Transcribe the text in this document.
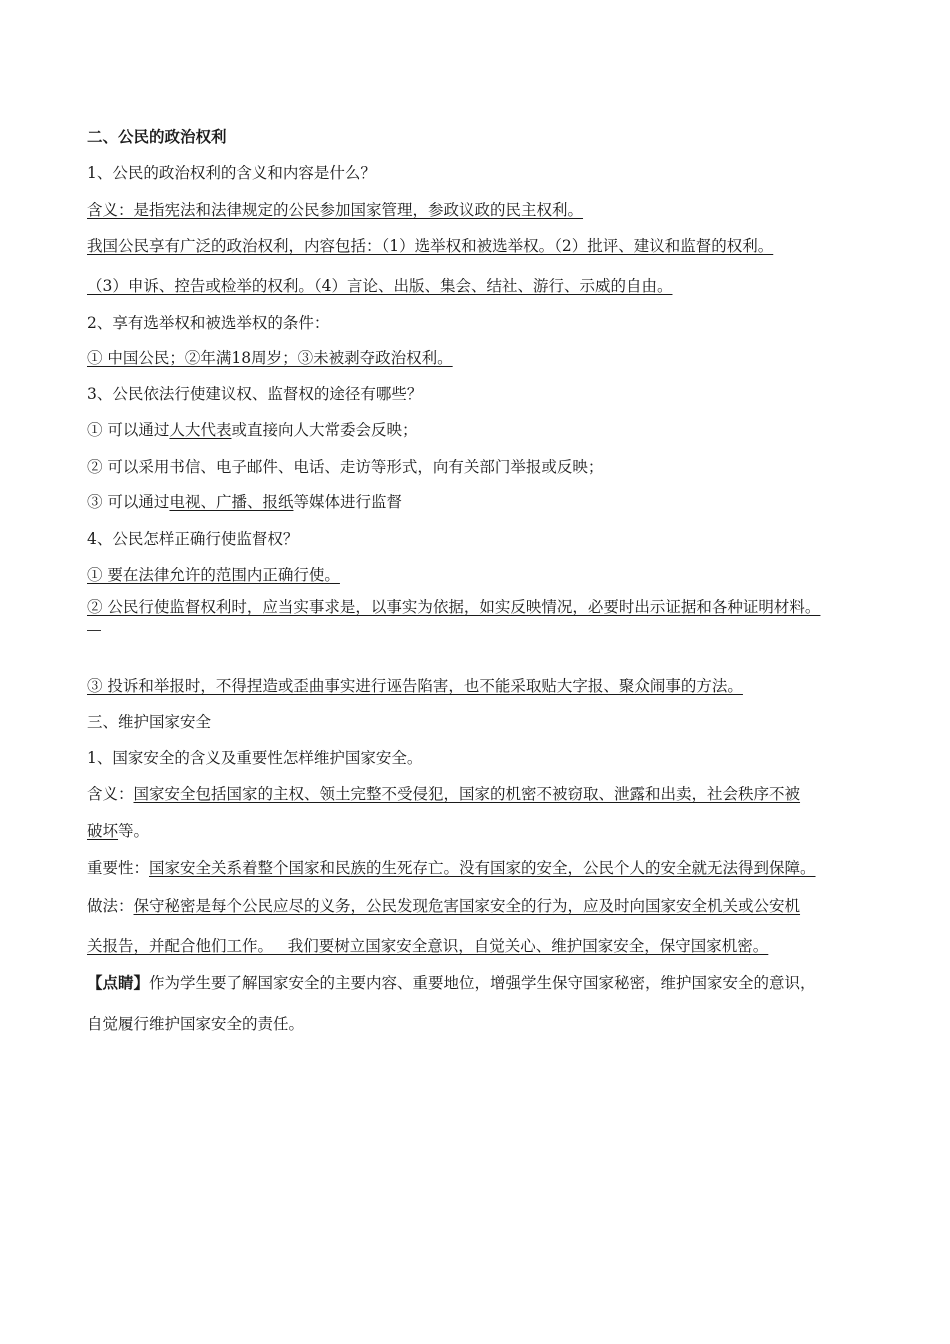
二、公民的政治权利
1、公民的政治权利的含义和内容是什么？
含义：是指宪法和法律规定的公民参加国家管理，参政议政的民主权利。
我国公民享有广泛的政治权利，内容包括：（1）选举权和被选举权。（2）批评、建议和监督的权利。
（3）申诉、控告或检举的权利。（4）言论、出版、集会、结社、游行、示威的自由。
2、享有选举权和被选举权的条件：
① 中国公民；②年满18周岁；③未被剥夺政治权利。
3、公民依法行使建议权、监督权的途径有哪些？
① 可以通过人大代表或直接向人大常委会反映；
② 可以采用书信、电子邮件、电话、走访等形式，向有关部门举报或反映；
③ 可以通过电视、广播、报纸等媒体进行监督
4、公民怎样正确行使监督权？
① 要在法律允许的范围内正确行使。
② 公民行使监督权利时，应当实事求是，以事实为依据，如实反映情况，必要时出示证据和各种证明材料。
③ 投诉和举报时，不得捏造或歪曲事实进行诬告陷害，也不能采取贴大字报、聚众闹事的方法。
三、维护国家安全
1、国家安全的含义及重要性怎样维护国家安全。
含义：国家安全包括国家的主权、领土完整不受侵犯，国家的机密不被窃取、泄露和出卖，社会秩序不被
破坏等。
重要性：国家安全关系着整个国家和民族的生死存亡。没有国家的安全，公民个人的安全就无法得到保障。
做法：保守秘密是每个公民应尽的义务，公民发现危害国家安全的行为，应及时向国家安全机关或公安机
关报告，并配合他们工作。   我们要树立国家安全意识，自觉关心、维护国家安全，保守国家机密。
【点睛】作为学生要了解国家安全的主要内容、重要地位，增强学生保守国家秘密，维护国家安全的意识，
自觉履行维护国家安全的责任。
